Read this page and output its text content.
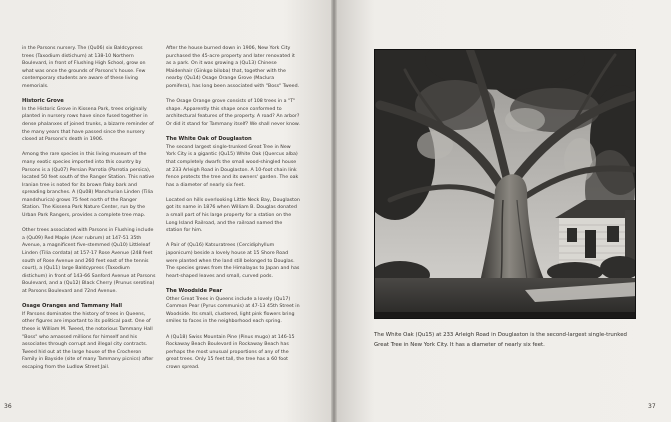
in the Parsons nursery. The (Qu06) six Baldcypress trees (Taxodium distichum) at 138-10 Northern Boulevard, in front of Flushing High School, grow on what was once the grounds of Parsons's house. Few contemporary students are aware of these living memorials.

Historic Grove

In the Historic Grove in Kissena Park, trees originally planted in nursery rows have since fused together in dense phalanxes of joined trunks, a bizarre reminder of the many years that have passed since the nursery closed at Parsons's death in 1906.

Among the rare species in this living museum of the many exotic species imported into this country by Parsons is a (Qu07) Persian Parrotia (Parrotia persica), located 50 feet south of the Ranger Station. This native Iranian tree is noted for its brown flaky bark and spreading branches. A (Qu08) Manchurian Linden (Tilia mandshurica) grows 75 feet north of the Ranger Station. The Kissena Park Nature Center, run by the Urban Park Rangers, provides a complete tree map.

Other trees associated with Parsons in Flushing include a (Qu09) Red Maple (Acer rubrum) at 147-51 35th Avenue, a magnificent five-stemmed (Qu10) Littleleaf Linden (Tilia cordata) at 157-17 Rose Avenue (248 feet south of Rose Avenue and 260 feet east of the tennis court), a (Qu11) large Baldcypress (Taxodium distichum) in front of 143-66 Sanford Avenue at Parsons Boulevard, and a (Qu12) Black Cherry (Prunus serotina) at Parsons Boulevard and 72nd Avenue.

Osage Oranges and Tammany Hall

If Parsons dominates the history of trees in Queens, other figures are important to its political past. One of these is William M. Tweed, the notorious Tammany Hall "Boss" who amassed millions for himself and his associates through corrupt and illegal city contracts. Tweed hid out at the large house of the Crocheron Family in Bayside (site of many Tammany picnics) after escaping from the Ludlow Street Jail.

After the house burned down in 1906, New York City purchased the 45-acre property and later renovated it as a park. On it was growing a (Qu13) Chinese Maidenhair (Ginkgo biloba) that, together with the nearby (Qu14) Osage Orange Grove (Maclura pomifera), has long been associated with "Boss" Tweed.

The Osage Orange grove consists of 108 trees in a "T" shape. Apparently this shape once conformed to architectural features of the property. A road? An arbor? Or did it stand for Tammany itself? We shall never know.

The White Oak of Douglaston

The second largest single-trunked Great Tree in New York City is a gigantic (Qu15) White Oak (Quercus alba) that completely dwarfs the small wood-shingled house at 233 Arleigh Road in Douglaston. A 10-foot chain link fence protects the tree and its owners' garden. The oak has a diameter of nearly six feet.

Located on hills overlooking Little Neck Bay, Douglaston got its name in 1876 when William B. Douglas donated a small part of his large property for a station on the Long Island Railroad, and the railroad named the station for him.

A Pair of (Qu16) Katsuratrees (Cercidiphyllum japonicum) beside a lovely house at 15 Shore Road were planted when the land still belonged to Douglas. The species grows from the Himalayas to Japan and has heart-shaped leaves and small, curved pods.

The Woodside Pear

Other Great Trees in Queens include a lovely (Qu17) Common Pear (Pyrus communis) at 47-13 45th Street in Woodside. Its small, clustered, light pink flowers bring smiles to faces in the neighborhood each spring.

A (Qu18) Swiss Mountain Pine (Pinus mugo) at 146-15 Rockaway Beach Boulevard in Rockaway Beach has perhaps the most unusual proportions of any of the great trees. Only 15 feet tall, the tree has a 60 foot crown spread.

36	37
The White Oak (Qu15) at 233 Arleigh Road in Douglaston is the second-largest single-trunked Great Tree in New York City. It has a diameter of nearly six feet.
